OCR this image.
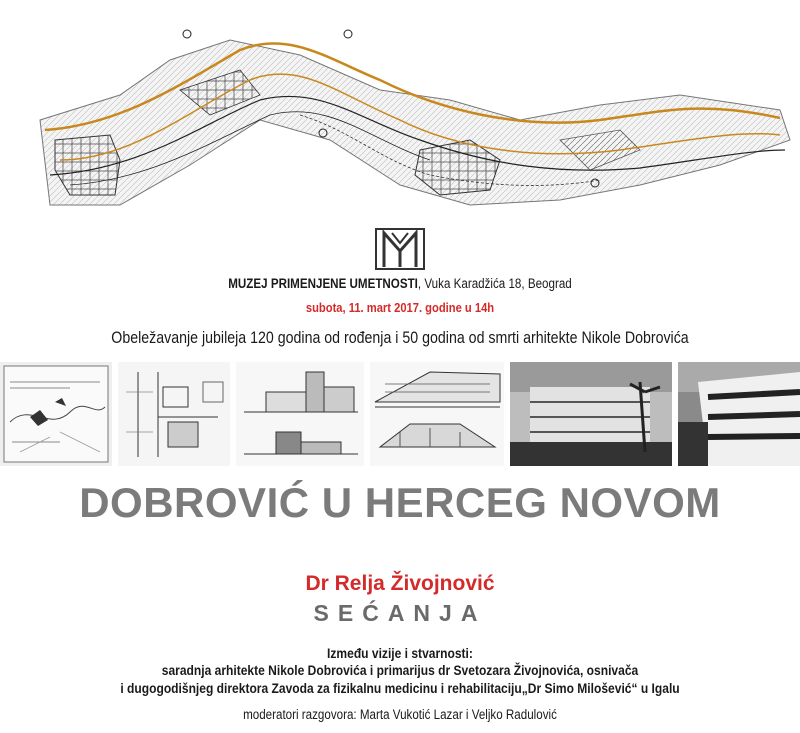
MUZEJ PRIMENJENE UMETNOSTI, Vuka Karadžića 18, Beograd
subota, 11. mart 2017. godine u 14h
Obeležavanje jubileja 120 godina od rođenja i 50 godina od smrti arhitekte Nikole Dobrovića
DOBROVIĆ U HERCEG NOVOM
Dr Relja Živojnović
SEĆANJA
Između vizije i stvarnosti:
saradnja arhitekte Nikole Dobrovića i primarijus dr Svetozara Živojnovića, osnivača
i dugogodišnjeg direktora Zavoda za fizikalnu medicinu i rehabilitaciju„Dr Simo Milošević“ u Igalu
moderatori razgovora: Marta Vukotić Lazar i Veljko Radulović
